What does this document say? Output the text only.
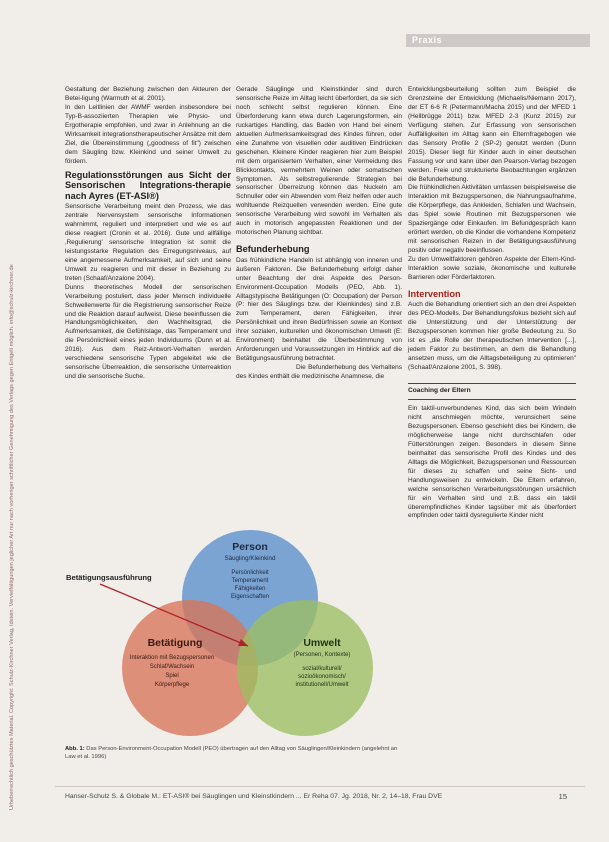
Urheberrechtlich geschütztes Material. Copyright: Schulz-Kirchner Verlag, Idstein. Vervielfältigungen jeglicher Art nur nach vorheriger schriftlicher Genehmigung des Verlags gegen Entgelt möglich. info@schulz-kirchner.de
Praxis

Gestaltung der Beziehung zwischen den Akteuren der Betei-ligung (Warmuth et al. 2001).

In den Leitlinien der AWMF werden insbesondere bei Typ-B-assoziierten Therapien wie Physio- und Ergotherapie empfohlen, und zwar in Anlehnung an die Wirksamkeit integrationstherapeutischer Ansätze mit dem Ziel, die Übereinstimmung („goodness of fit") zwischen dem Säugling bzw. Kleinkind und seiner Umwelt zu fördern.

Regulationsstörungen aus Sicht der Sensorischen Integrations-therapie nach Ayres (ET-ASI®)

Sensorische Verarbeitung meint den Prozess, wie das zentrale Nervensystem sensorische Informationen wahrnimmt, reguliert und interpretiert und wie es auf diese reagiert (Cronin et al. 2016). Gute und allfällige ‚Regulierung' sensorische Integration ist somit die leistungsstarke Regulation des Erregungsniveaus, auf eine angemessene Aufmerksamkeit, auf sich und seine Umwelt zu reagieren und mit dieser in Beziehung zu treten (Schaaf/Anzalone 2004).

Dunns theoretisches Modell der sensorischen Verarbeitung postuliert, dass jeder Mensch individuelle Schwellenwerte für die Registrierung sensorischer Reize und die Reaktion darauf aufweist. Diese beeinflussen die Handlungsmöglichkeiten, den Wachheitsgrad, die Aufmerksamkeit, die Gefühlslage, das Temperament und die Persönlichkeit eines jeden Individuums (Dunn et al. 2016). Aus dem Reiz-Antwort-Verhalten werden verschiedene sensorische Typen abgeleitet wie die sensorische Überreaktion, die sensorische Unterreaktion und die sensorische Suche.

Gerade Säuglinge und Kleinstkinder sind durch sensorische Reize im Alltag leicht überfordert, da sie sich noch schlecht selbst regulieren können. Eine Überforderung kann etwa durch Lagerungsformen, ein ruckartiges Handling, das Baden von Hand bei einem aktuellen Aufmerksamkeitsgrad des Kindes führen, oder eine Zunahme von visuellen oder auditiven Eindrücken geschehen. Kleinere Kinder reagieren hier zum Beispiel mit dem organisiertem Verhalten, einer Vermeidung des Blickkontakts, vermehrtem Weinen oder somatischen Symptomen. Als selbstregulierende Strategien bei sensorischer Überreizung können das Nuckeln am Schnuller oder ein Abwenden vom Reiz helfen oder auch wohltuende Reizquellen verwenden werden. Eine gute sensorische Verarbeitung wird sowohl im Verhalten als auch in motorisch angepassten Reaktionen und der motorischen Planung sichtbar.

Befunderhebung

Das frühkindliche Handeln ist abhängig von inneren und äußeren Faktoren. Die Befunderhebung erfolgt daher unter Beachtung der drei Aspekte des Person-Environment-Occupation Modells (PEO, Abb. 1). Alltagstypische Betätigungen (O: Occupation) der Person (P: hier des Säuglings bzw. der Kleinkindes) sind z.B. zum Temperament, deren Fähigkeiten, ihrer Persönlichkeit und ihren Bedürfnissen sowie an Kontext ihrer sozialen, kulturellen und ökonomischen Umwelt (E: Environment) beinhaltet die Überbestimmung von Anforderungen und Voraussetzungen im Hinblick auf die Betätigungsausführung betrachtet.

Die Befunderhebung des Verhaltens des Kindes enthält die medizinische Anamnese, die

Entwicklungsbeurteilung sollten zum Beispiel die Grenzsteine der Entwicklung (Michaelis/Niemann 2017), der ET 6-6 R (Petermann/Macha 2015) und der MFED 1 (Hellbrügge 2011) bzw. MFED 2-3 (Kunz 2015) zur Verfügung stehen. Zur Erfassung von sensorischen Auffälligkeiten im Alltag kann ein Elternfragebogen wie das Sensory Profile 2 (SP-2) genutzt werden (Dunn 2015). Dieser liegt für Kinder auch in einer deutschen Fassung vor und kann über den Pearson-Verlag bezogen werden. Freie und strukturierte Beobachtungen ergänzen die Befunderhebung.

Die frühkindlichen Aktivitäten umfassen beispielsweise die Interaktion mit Bezugspersonen, die Nahrungsaufnahme, die Körperpflege, das Ankleiden, Schlafen und Wachsein, das Spiel sowie Routinen mit Bezugspersonen wie Spaziergänge oder Einkaufen. Im Befundgespräch kann erörtert werden, ob die Kinder die vorhandene Kompetenz mit sensorischen Reizen in der Betätigungsausführung positiv oder negativ beeinflussen.

Zu den Umweltfaktoren gehören Aspekte der Eltern-Kind-Interaktion sowie soziale, ökonomische und kulturelle Barrieren oder Förderfaktoren.

Intervention

Auch die Behandlung orientiert sich an den drei Aspekten des PEO-Modells. Der Behandlungsfokus bezieht sich auf die Unterstützung und der Unterstützung der Bezugspersonen kommen hier große Bedeutung zu. So ist es „die Rolle der therapeutischen Intervention [...], jedem Faktor zu bestimmen, an dem die Behandlung ansetzen muss, um die Alltagsbeteiligung zu optimieren" (Schaaf/Anzalone 2001, S. 398).

Coaching der Eltern

Ein taktil-unverbundenes Kind, das sich beim Windeln nicht anschmiegen möchte, verunsichert seine Bezugspersonen. Ebenso geschieht dies bei Kindern, die möglicherweise lange nicht durchschlafen oder Fütterstörungen zeigen. Besonders in diesem Sinne beinhaltet das sensorische Profil des Kindes und des Alltags die Möglichkeit, Bezugspersonen und Ressourcen für dieses zu schaffen und seine Sicht- und Handlungsweisen zu entwickeln. Die Eltern erfahren, welche sensorischen Verarbeitungsstörungen ursächlich für ein Verhalten sind und z.B. dass ein taktil überempfindliches Kinder tagsüber mit als überfordert empfinden oder taktil dysregulierte Kinder nicht

Betätigungsausführung
Person
Säugling/Kleinkind
Persönlichkeit
Temperament
Fähigkeiten
Eigenschaften
Betätigung
Interaktion mit Bezugspersonen
Schlaf/Wachsein
Spiel
Körperpflege
Umwelt
(Personen, Kontexte)
sozial/kulturell/
sozioökonomisch/
institutionell/Umwelt
Abb. 1: Das Person-Environment-Occupation Modell (PEO) übertragen auf den Alltag von Säuglingen/Kleinkindern (angelehnt an Law et al. 1996)
Hanser-Schulz S. & Globale M.: ET-ASI® bei Säuglingen und Kleinstkindern ... Er Reha 07. Jg. 2018, Nr. 2, 14–18, Frau DVE	15
